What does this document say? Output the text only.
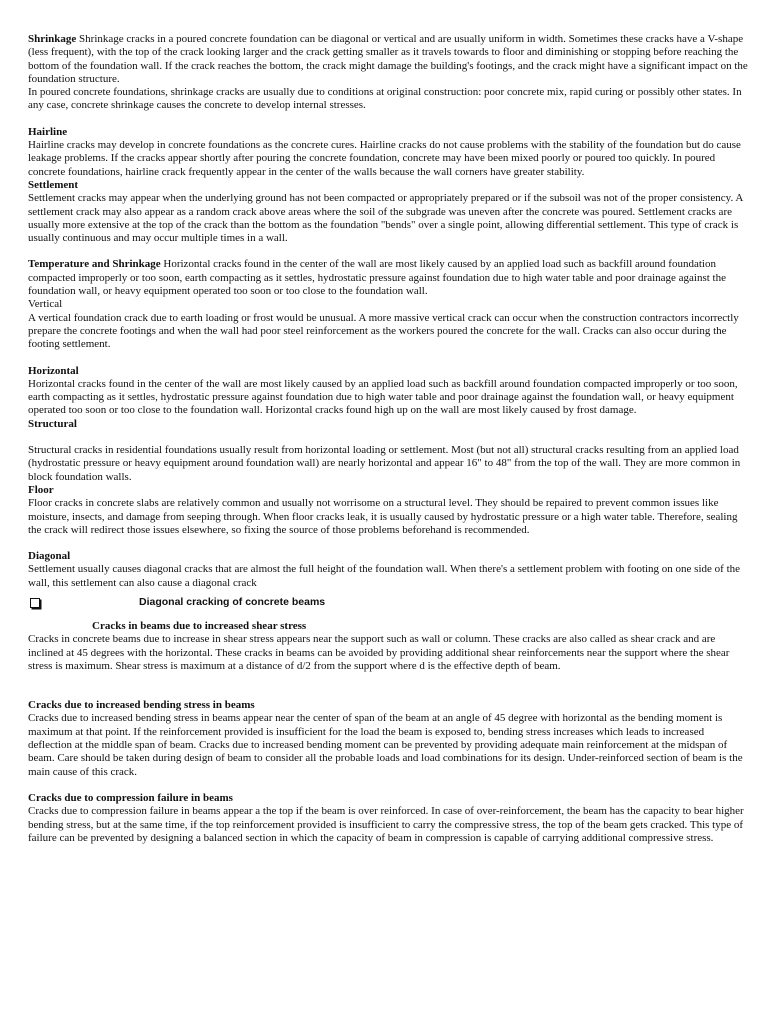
Shrinkage Shrinkage cracks in a poured concrete foundation can be diagonal or vertical and are usually uniform in width. Sometimes these cracks have a V-shape (less frequent), with the top of the crack looking larger and the crack getting smaller as it travels towards to floor and diminishing or stopping before reaching the bottom of the foundation wall. If the crack reaches the bottom, the crack might damage the building's footings, and the crack might have a significant impact on the foundation structure.

In poured concrete foundations, shrinkage cracks are usually due to conditions at original construction: poor concrete mix, rapid curing or possibly other states. In any case, concrete shrinkage causes the concrete to develop internal stresses.

Hairline

Hairline cracks may develop in concrete foundations as the concrete cures. Hairline cracks do not cause problems with the stability of the foundation but do cause leakage problems. If the cracks appear shortly after pouring the concrete foundation, concrete may have been mixed poorly or poured too quickly. In poured concrete foundations, hairline crack frequently appear in the center of the walls because the wall corners have greater stability.

Settlement

Settlement cracks may appear when the underlying ground has not been compacted or appropriately prepared or if the subsoil was not of the proper consistency. A settlement crack may also appear as a random crack above areas where the soil of the subgrade was uneven after the concrete was poured. Settlement cracks are usually more extensive at the top of the crack than the bottom as the foundation "bends" over a single point, allowing differential settlement. This type of crack is usually continuous and may occur multiple times in a wall.

Temperature and Shrinkage Horizontal cracks found in the center of the wall are most likely caused by an applied load such as backfill around foundation compacted improperly or too soon, earth compacting as it settles, hydrostatic pressure against foundation due to high water table and poor drainage against the foundation wall, or heavy equipment operated too soon or too close to the foundation wall.

Vertical

A vertical foundation crack due to earth loading or frost would be unusual. A more massive vertical crack can occur when the construction contractors incorrectly prepare the concrete footings and when the wall had poor steel reinforcement as the workers poured the concrete for the wall. Cracks can also occur during the footing settlement.

Horizontal

Horizontal cracks found in the center of the wall are most likely caused by an applied load such as backfill around foundation compacted improperly or too soon, earth compacting as it settles, hydrostatic pressure against foundation due to high water table and poor drainage against the foundation wall, or heavy equipment operated too soon or too close to the foundation wall. Horizontal cracks found high up on the wall are most likely caused by frost damage.

Structural

Structural cracks in residential foundations usually result from horizontal loading or settlement. Most (but not all) structural cracks resulting from an applied load (hydrostatic pressure or heavy equipment around foundation wall) are nearly horizontal and appear 16" to 48" from the top of the wall. They are more common in block foundation walls.

Floor

Floor cracks in concrete slabs are relatively common and usually not worrisome on a structural level. They should be repaired to prevent common issues like moisture, insects, and damage from seeping through. When floor cracks leak, it is usually caused by hydrostatic pressure or a high water table. Therefore, sealing the crack will redirect those issues elsewhere, so fixing the source of those problems beforehand is recommended.

Diagonal

Settlement usually causes diagonal cracks that are almost the full height of the foundation wall. When there's a settlement problem with footing on one side of the wall, this settlement can also cause a diagonal crack

Diagonal cracking of concrete beams

Cracks in beams due to increased shear stress

Cracks in concrete beams due to increase in shear stress appears near the support such as wall or column. These cracks are also called as shear crack and are inclined at 45 degrees with the horizontal. These cracks in beams can be avoided by providing additional shear reinforcements near the support where the shear stress is maximum. Shear stress is maximum at a distance of d/2 from the support where d is the effective depth of beam.

Cracks due to increased bending stress in beams

Cracks due to increased bending stress in beams appear near the center of span of the beam at an angle of 45 degree with horizontal as the bending moment is maximum at that point. If the reinforcement provided is insufficient for the load the beam is exposed to, bending stress increases which leads to increased deflection at the middle span of beam. Cracks due to increased bending moment can be prevented by providing adequate main reinforcement at the midspan of beam. Care should be taken during design of beam to consider all the probable loads and load combinations for its design. Under-reinforced section of beam is the main cause of this crack.

Cracks due to compression failure in beams

Cracks due to compression failure in beams appear a the top if the beam is over reinforced. In case of over-reinforcement, the beam has the capacity to bear higher bending stress, but at the same time, if the top reinforcement provided is insufficient to carry the compressive stress, the top of the beam gets cracked. This type of failure can be prevented by designing a balanced section in which the capacity of beam in compression is capable of carrying additional compressive stress.
